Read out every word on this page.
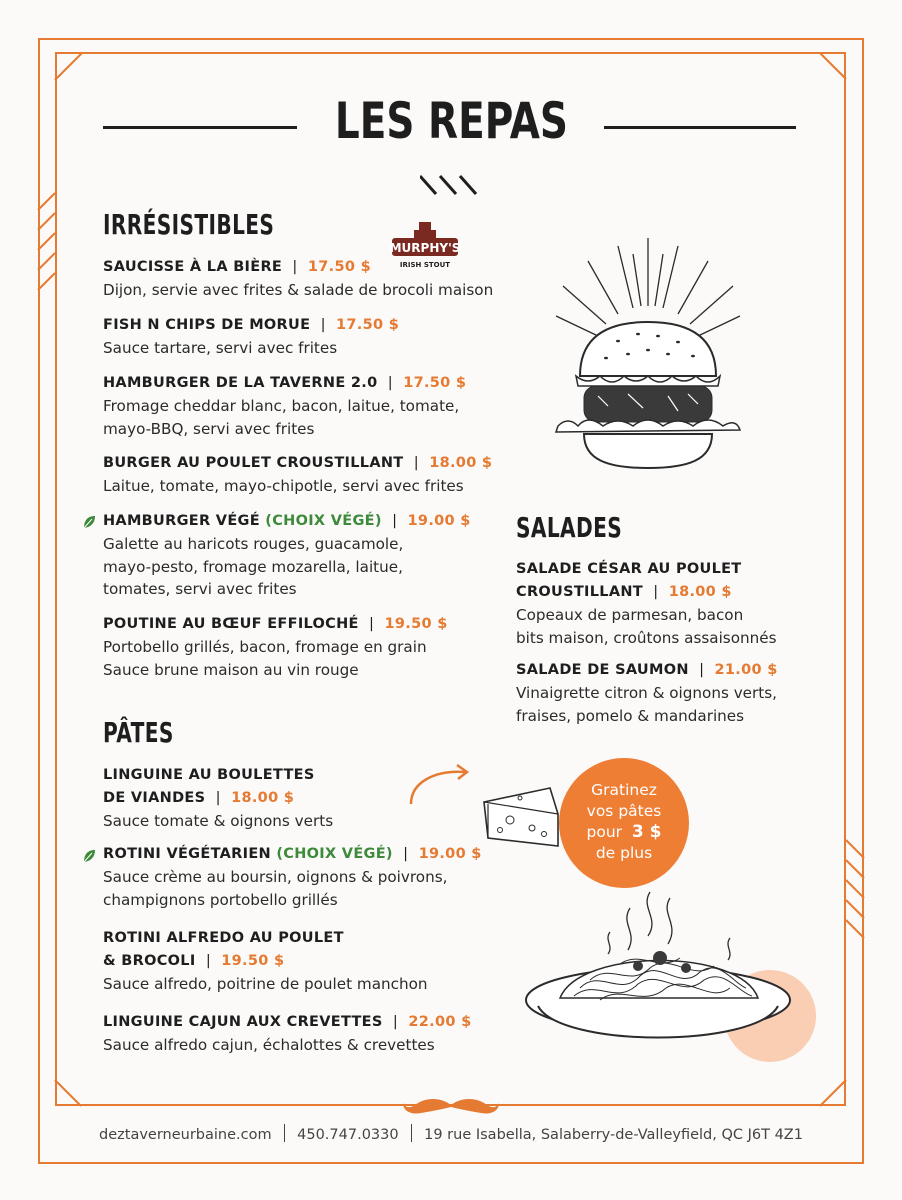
LES REPAS
IRRÉSISTIBLES
MURPHY'S
IRISH STOUT
SAUCISSE À LA BIÈRE  |  17.50 $
Dijon, servie avec frites & salade de brocoli maison
FISH N CHIPS DE MORUE  |  17.50 $
Sauce tartare, servi avec frites
HAMBURGER DE LA TAVERNE 2.0  |  17.50 $
Fromage cheddar blanc, bacon, laitue, tomate,
mayo-BBQ, servi avec frites
BURGER AU POULET CROUSTILLANT  |  18.00 $
Laitue, tomate, mayo-chipotle, servi avec frites
HAMBURGER VÉGÉ (CHOIX VÉGÉ)  |  19.00 $
Galette au haricots rouges, guacamole,
mayo-pesto, fromage mozarella, laitue,
tomates, servi avec frites
POUTINE AU BŒUF EFFILOCHÉ  |  19.50 $
Portobello grillés, bacon, fromage en grain
Sauce brune maison au vin rouge
SALADES
SALADE CÉSAR AU POULET
CROUSTILLANT  |  18.00 $
Copeaux de parmesan, bacon
bits maison, croûtons assaisonnés
SALADE DE SAUMON  |  21.00 $
Vinaigrette citron & oignons verts,
fraises, pomelo & mandarines
PÂTES
LINGUINE AU BOULETTES
DE VIANDES  |  18.00 $
Sauce tomate & oignons verts
ROTINI VÉGÉTARIEN (CHOIX VÉGÉ)  |  19.00 $
Sauce crème au boursin, oignons & poivrons,
champignons portobello grillés
ROTINI ALFREDO AU POULET
& BROCOLI  |  19.50 $
Sauce alfredo, poitrine de poulet manchon
LINGUINE CAJUN AUX CREVETTES  |  22.00 $
Sauce alfredo cajun, échalottes & crevettes
Gratinez
vos pâtes
pour 3 $
de plus
deztaverneurbaine.com 450.747.0330 19 rue Isabella, Salaberry-de-Valleyfield, QC J6T 4Z1
